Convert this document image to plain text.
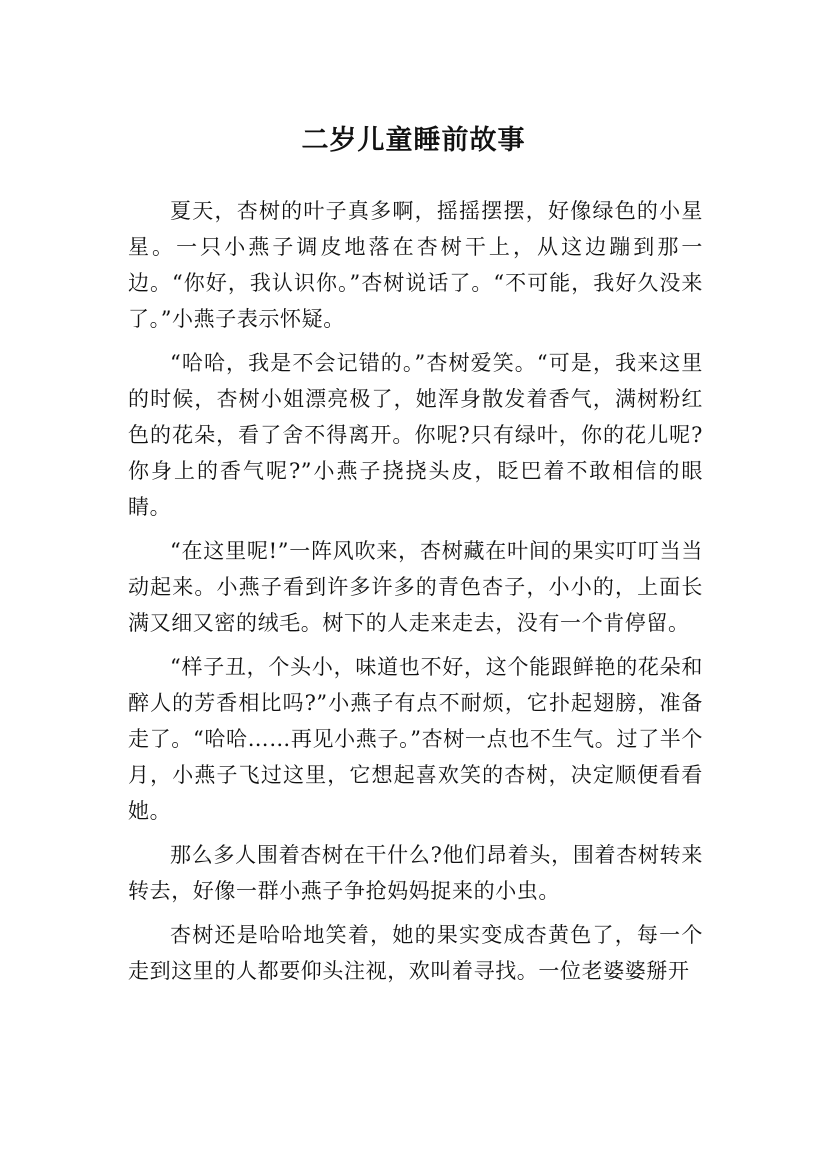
二岁儿童睡前故事

夏天，杏树的叶子真多啊，摇摇摆摆，好像绿色的小星星。一只小燕子调皮地落在杏树干上，从这边蹦到那一边。“你好，我认识你。”杏树说话了。“不可能，我好久没来了。”小燕子表示怀疑。

“哈哈，我是不会记错的。”杏树爱笑。“可是，我来这里的时候，杏树小姐漂亮极了，她浑身散发着香气，满树粉红色的花朵，看了舍不得离开。你呢?只有绿叶，你的花儿呢?你身上的香气呢?”小燕子挠挠头皮，眨巴着不敢相信的眼睛。

“在这里呢!”一阵风吹来，杏树藏在叶间的果实叮叮当当动起来。小燕子看到许多许多的青色杏子，小小的，上面长满又细又密的绒毛。树下的人走来走去，没有一个肯停留。

“样子丑，个头小，味道也不好，这个能跟鲜艳的花朵和醉人的芳香相比吗?”小燕子有点不耐烦，它扑起翅膀，准备走了。“哈哈……再见小燕子。”杏树一点也不生气。过了半个月，小燕子飞过这里，它想起喜欢笑的杏树，决定顺便看看她。

那么多人围着杏树在干什么?他们昂着头，围着杏树转来转去，好像一群小燕子争抢妈妈捉来的小虫。

杏树还是哈哈地笑着，她的果实变成杏黄色了，每一个走到这里的人都要仰头注视，欢叫着寻找。一位老婆婆掰开
